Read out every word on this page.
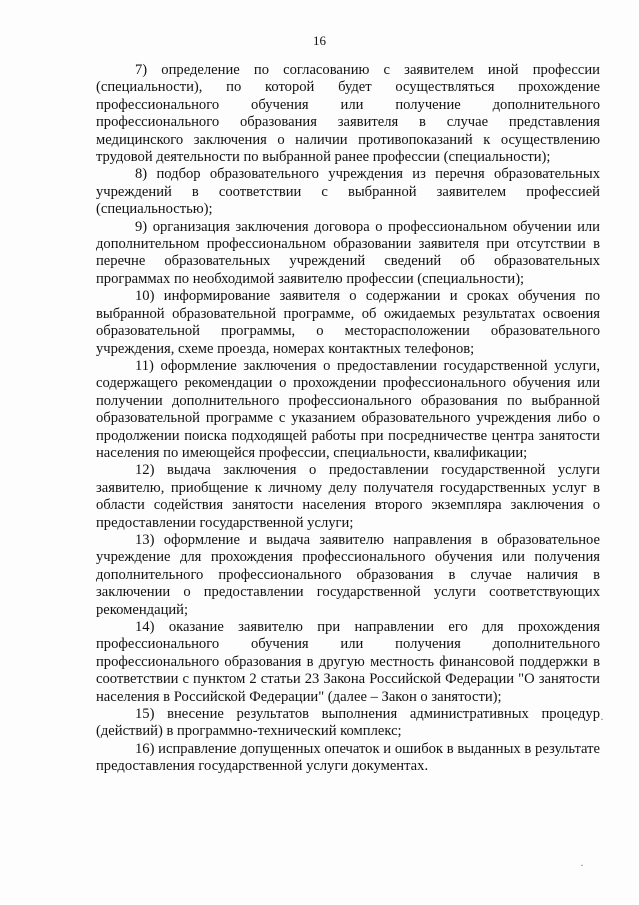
16

7) определение по согласованию с заявителем иной профессии (специальности), по которой будет осуществляться прохождение профессионального обучения или получение дополнительного профессионального образования заявителя в случае представления медицинского заключения о наличии противопоказаний к осуществлению трудовой деятельности по выбранной ранее профессии (специальности);

8) подбор образовательного учреждения из перечня образовательных учреждений в соответствии с выбранной заявителем профессией (специальностью);

9) организация заключения договора о профессиональном обучении или дополнительном профессиональном образовании заявителя при отсутствии в перечне образовательных учреждений сведений об образовательных программах по необходимой заявителю профессии (специальности);

10) информирование заявителя о содержании и сроках обучения по выбранной образовательной программе, об ожидаемых результатах освоения образовательной программы, о месторасположении образовательного учреждения, схеме проезда, номерах контактных телефонов;

11) оформление заключения о предоставлении государственной услуги, содержащего рекомендации о прохождении профессионального обучения или получении дополнительного профессионального образования по выбранной образовательной программе с указанием образовательного учреждения либо о продолжении поиска подходящей работы при посредничестве центра занятости населения по имеющейся профессии, специальности, квалификации;

12) выдача заключения о предоставлении государственной услуги заявителю, приобщение к личному делу получателя государственных услуг в области содействия занятости населения второго экземпляра заключения о предоставлении государственной услуги;

13) оформление и выдача заявителю направления в образовательное учреждение для прохождения профессионального обучения или получения дополнительного профессионального образования в случае наличия в заключении о предоставлении государственной услуги соответствующих рекомендаций;

14) оказание заявителю при направлении его для прохождения профессионального обучения или получения дополнительного профессионального образования в другую местность финансовой поддержки в соответствии с пунктом 2 статьи 23 Закона Российской Федерации "О занятости населения в Российской Федерации" (далее – Закон о занятости);

15) внесение результатов выполнения административных процедур (действий) в программно-технический комплекс;

16) исправление допущенных опечаток и ошибок в выданных в результате предоставления государственной услуги документах.

·
·
